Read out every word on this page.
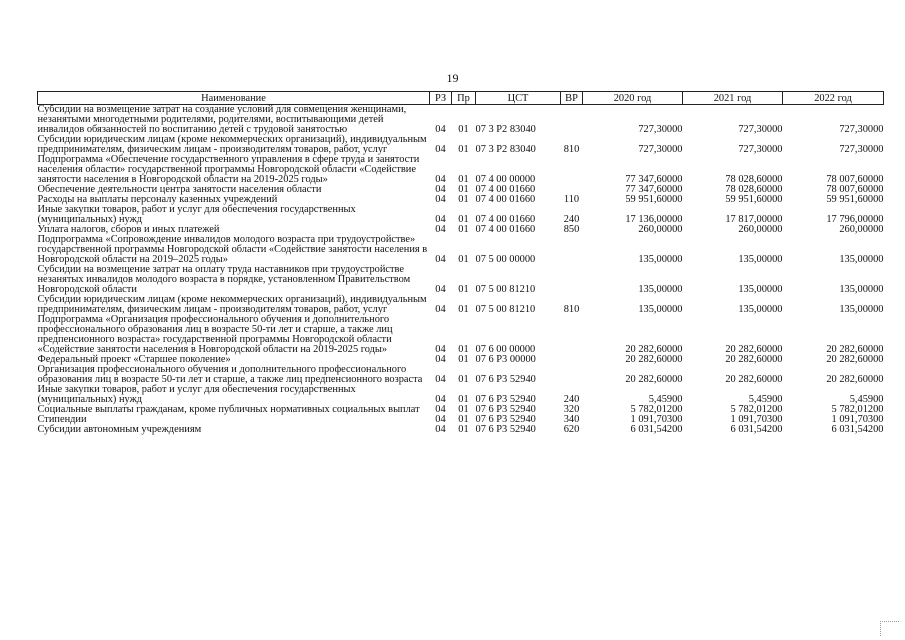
19
Наименование	РЗ	Пр	ЦСТ	ВР	2020 год	2021 год	2022 год
Субсидии на возмещение затрат на создание условий для совмещения женщинами, незанятыми многодетными родителями, родителями, воспитывающими детей инвалидов обязанностей по воспитанию детей с трудовой занятостью	04	01	07 3 Р2 83040		727,30000	727,30000	727,30000
Субсидии юридическим лицам (кроме некоммерческих организаций), индивидуальным предпринимателям, физическим лицам - производителям товаров, работ, услуг	04	01	07 3 Р2 83040	810	727,30000	727,30000	727,30000
Подпрограмма «Обеспечение государственного управления в сфере труда и занятости населения области» государственной программы Новгородской области «Содействие занятости населения в Новгородской области на 2019-2025 годы»	04	01	07 4 00 00000		77 347,60000	78 028,60000	78 007,60000
Обеспечение деятельности центра занятости населения области	04	01	07 4 00 01660		77 347,60000	78 028,60000	78 007,60000
Расходы на выплаты персоналу казенных учреждений	04	01	07 4 00 01660	110	59 951,60000	59 951,60000	59 951,60000
Иные закупки товаров, работ и услуг для обеспечения государственных (муниципальных) нужд	04	01	07 4 00 01660	240	17 136,00000	17 817,00000	17 796,00000
Уплата налогов, сборов и иных платежей	04	01	07 4 00 01660	850	260,00000	260,00000	260,00000
Подпрограмма «Сопровождение инвалидов молодого возраста при трудоустройстве» государственной программы Новгородской области «Содействие занятости населения в Новгородской области на 2019–2025 годы»	04	01	07 5 00 00000		135,00000	135,00000	135,00000
Субсидии на возмещение затрат на оплату труда наставников при трудоустройстве незанятых инвалидов молодого возраста в порядке, установленном Правительством Новгородской области	04	01	07 5 00 81210		135,00000	135,00000	135,00000
Субсидии юридическим лицам (кроме некоммерческих организаций), индивидуальным предпринимателям, физическим лицам - производителям товаров, работ, услуг	04	01	07 5 00 81210	810	135,00000	135,00000	135,00000
Подпрограмма «Организация профессионального обучения и дополнительного профессионального образования лиц в возрасте 50-ти лет и старше, а также лиц предпенсионного возраста» государственной программы Новгородской области «Содействие занятости населения в Новгородской области на 2019-2025 годы»	04	01	07 6 00 00000		20 282,60000	20 282,60000	20 282,60000
Федеральный проект «Старшее поколение»	04	01	07 6 Р3 00000		20 282,60000	20 282,60000	20 282,60000
Организация профессионального обучения и дополнительного профессионального образования лиц в возрасте 50-ти лет и старше, а также лиц предпенсионного возраста	04	01	07 6 Р3 52940		20 282,60000	20 282,60000	20 282,60000
Иные закупки товаров, работ и услуг для обеспечения государственных (муниципальных) нужд	04	01	07 6 Р3 52940	240	5,45900	5,45900	5,45900
Социальные выплаты гражданам, кроме публичных нормативных социальных выплат	04	01	07 6 Р3 52940	320	5 782,01200	5 782,01200	5 782,01200
Стипендии	04	01	07 6 Р3 52940	340	1 091,70300	1 091,70300	1 091,70300
Субсидии автономным учреждениям	04	01	07 6 Р3 52940	620	6 031,54200	6 031,54200	6 031,54200
